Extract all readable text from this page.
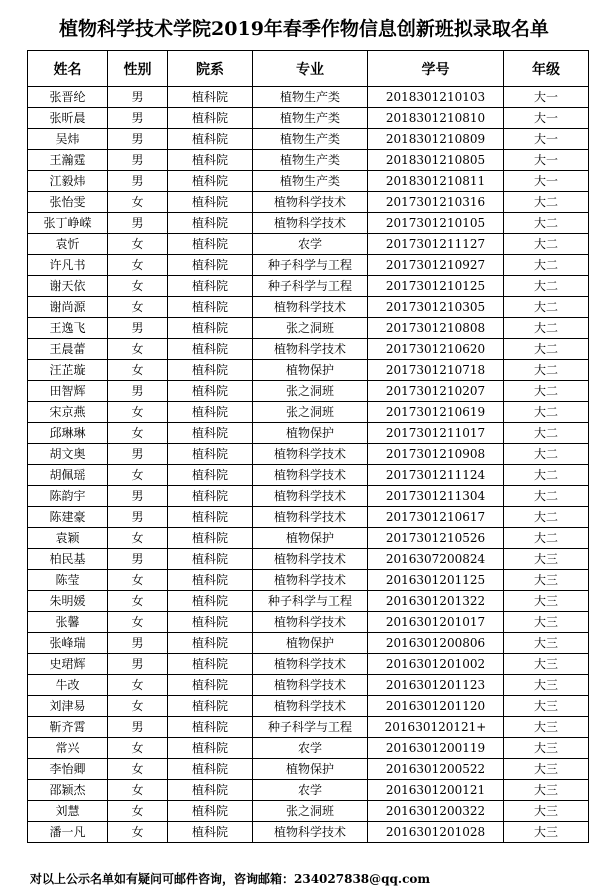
植物科学技术学院2019年春季作物信息创新班拟录取名单
姓名	性别	院系	专业	学号	年级
张晋纶	男	植科院	植物生产类	2018301210103	大一
张昕晨	男	植科院	植物生产类	2018301210810	大一
吴炜	男	植科院	植物生产类	2018301210809	大一
王瀚霆	男	植科院	植物生产类	2018301210805	大一
江毅炜	男	植科院	植物生产类	2018301210811	大一
张怡雯	女	植科院	植物科学技术	2017301210316	大二
张丁峥嵘	男	植科院	植物科学技术	2017301210105	大二
袁忻	女	植科院	农学	2017301211127	大二
许凡书	女	植科院	种子科学与工程	2017301210927	大二
谢天依	女	植科院	种子科学与工程	2017301210125	大二
谢尚源	女	植科院	植物科学技术	2017301210305	大二
王逸飞	男	植科院	张之洞班	2017301210808	大二
王晨蕾	女	植科院	植物科学技术	2017301210620	大二
汪芷璇	女	植科院	植物保护	2017301210718	大二
田智辉	男	植科院	张之洞班	2017301210207	大二
宋京燕	女	植科院	张之洞班	2017301210619	大二
邱琳琳	女	植科院	植物保护	2017301211017	大二
胡文奥	男	植科院	植物科学技术	2017301210908	大二
胡佩瑶	女	植科院	植物科学技术	2017301211124	大二
陈韵宇	男	植科院	植物科学技术	2017301211304	大二
陈建豪	男	植科院	植物科学技术	2017301210617	大二
袁颖	女	植科院	植物保护	2017301210526	大二
柏民基	男	植科院	植物科学技术	2016307200824	大三
陈莹	女	植科院	植物科学技术	2016301201125	大三
朱明媛	女	植科院	种子科学与工程	2016301201322	大三
张馨	女	植科院	植物科学技术	2016301201017	大三
张峰瑞	男	植科院	植物保护	2016301200806	大三
史珺辉	男	植科院	植物科学技术	2016301201002	大三
牛改	女	植科院	植物科学技术	2016301201123	大三
刘津易	女	植科院	植物科学技术	2016301201120	大三
靳齐霄	男	植科院	种子科学与工程	20163012012​1+	大三
常兴	女	植科院	农学	2016301200119	大三
李怡卿	女	植科院	植物保护	2016301200522	大三
邵颖杰	女	植科院	农学	2016301200121	大三
刘慧	女	植科院	张之洞班	2016301200322	大三
潘一凡	女	植科院	植物科学技术	2016301201028	大三
对以上公示名单如有疑问可邮件咨询，咨询邮箱：234027838@qq.com
